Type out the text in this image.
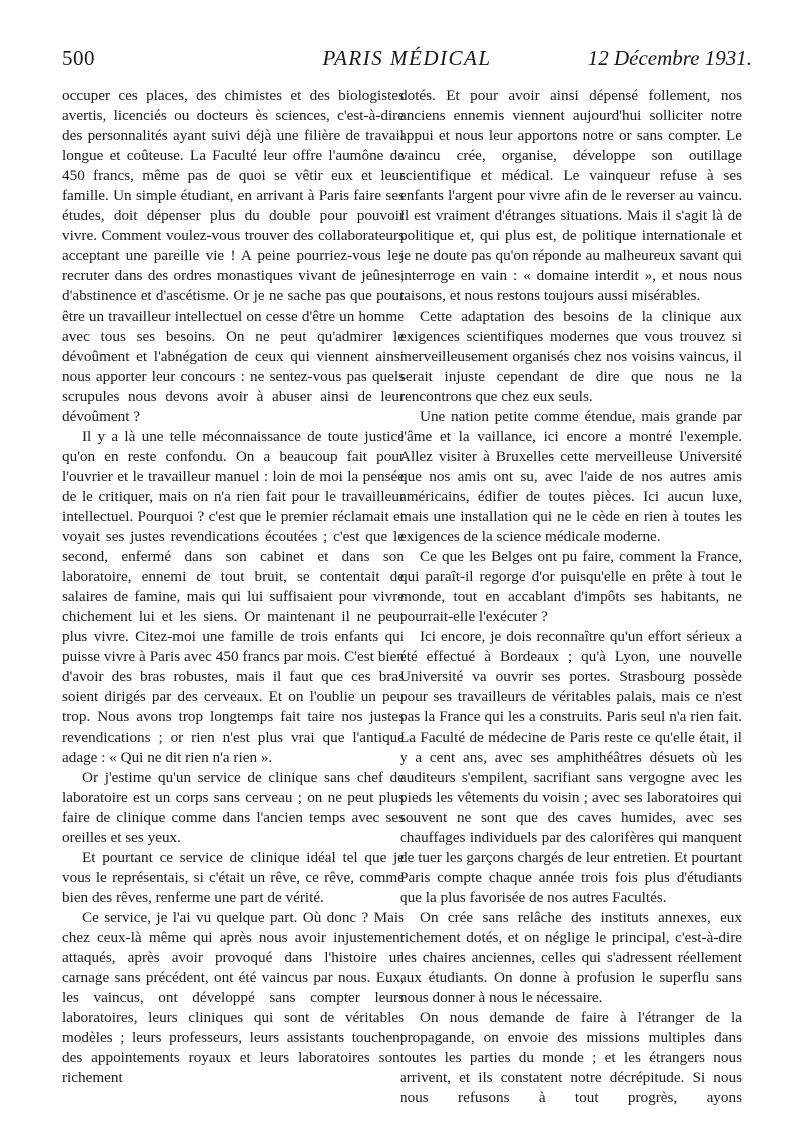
500	PARIS MÉDICAL	12 Décembre 1931.

occuper ces places, des chimistes et des biologistes avertis, licenciés ou docteurs ès sciences, c'est-à-dire des personnalités ayant suivi déjà une filière de travail longue et coûteuse. La Faculté leur offre l'aumône de 450 francs, même pas de quoi se vêtir eux et leur famille. Un simple étudiant, en arrivant à Paris faire ses études, doit dépenser plus du double pour pouvoir vivre. Comment voulez-vous trouver des collaborateurs acceptant une pareille vie ! A peine pourriez-vous les recruter dans des ordres monastiques vivant de jeûnes, d'abstinence et d'ascétisme. Or je ne sache pas que pour être un travailleur intellectuel on cesse d'être un homme avec tous ses besoins. On ne peut qu'admirer le dévoûment et l'abnégation de ceux qui viennent ainsi nous apporter leur concours : ne sentez-vous pas quels scrupules nous devons avoir à abuser ainsi de leur dévoûment ?

Il y a là une telle méconnaissance de toute justice qu'on en reste confondu. On a beaucoup fait pour l'ouvrier et le travailleur manuel : loin de moi la pensée de le critiquer, mais on n'a rien fait pour le travailleur intellectuel. Pourquoi ? c'est que le premier réclamait et voyait ses justes revendications écoutées ; c'est que le second, enfermé dans son cabinet et dans son laboratoire, ennemi de tout bruit, se contentait de salaires de famine, mais qui lui suffisaient pour vivre chichement lui et les siens. Or maintenant il ne peut plus vivre. Citez-moi une famille de trois enfants qui puisse vivre à Paris avec 450 francs par mois. C'est bien d'avoir des bras robustes, mais il faut que ces bras soient dirigés par des cerveaux. Et on l'oublie un peu trop. Nous avons trop longtemps fait taire nos justes revendications ; or rien n'est plus vrai que l'antique adage : « Qui ne dit rien n'a rien ».

Or j'estime qu'un service de clinique sans chef de laboratoire est un corps sans cerveau ; on ne peut plus faire de clinique comme dans l'ancien temps avec ses oreilles et ses yeux.

Et pourtant ce service de clinique idéal tel que je vous le représentais, si c'était un rêve, ce rêve, comme bien des rêves, renferme une part de vérité.

Ce service, je l'ai vu quelque part. Où donc ? Mais chez ceux-là même qui après nous avoir injustement attaqués, après avoir provoqué dans l'histoire un carnage sans précédent, ont été vaincus par nous. Eux, les vaincus, ont développé sans compter leurs laboratoires, leurs cliniques qui sont de véritables modèles ; leurs professeurs, leurs assistants touchent des appointements royaux et leurs laboratoires sont richement

dotés. Et pour avoir ainsi dépensé follement, nos anciens ennemis viennent aujourd'hui solliciter notre appui et nous leur apportons notre or sans compter. Le vaincu crée, organise, développe son outillage scientifique et médical. Le vainqueur refuse à ses enfants l'argent pour vivre afin de le reverser au vaincu. Il est vraiment d'étranges situations. Mais il s'agit là de politique et, qui plus est, de politique internationale et je ne doute pas qu'on réponde au malheureux savant qui interroge en vain : « domaine interdit », et nous nous taisons, et nous restons toujours aussi misérables.

Cette adaptation des besoins de la clinique aux exigences scientifiques modernes que vous trouvez si merveilleusement organisés chez nos voisins vaincus, il serait injuste cependant de dire que nous ne la rencontrons que chez eux seuls.

Une nation petite comme étendue, mais grande par l'âme et la vaillance, ici encore a montré l'exemple. Allez visiter à Bruxelles cette merveilleuse Université que nos amis ont su, avec l'aide de nos autres amis américains, édifier de toutes pièces. Ici aucun luxe, mais une installation qui ne le cède en rien à toutes les exigences de la science médicale moderne.

Ce que les Belges ont pu faire, comment la France, qui paraît-il regorge d'or puisqu'elle en prête à tout le monde, tout en accablant d'impôts ses habitants, ne pourrait-elle l'exécuter ?

Ici encore, je dois reconnaître qu'un effort sérieux a été effectué à Bordeaux ; qu'à Lyon, une nouvelle Université va ouvrir ses portes. Strasbourg possède pour ses travailleurs de véritables palais, mais ce n'est pas la France qui les a construits. Paris seul n'a rien fait. La Faculté de médecine de Paris reste ce qu'elle était, il y a cent ans, avec ses amphithéâtres désuets où les auditeurs s'empilent, sacrifiant sans vergogne avec les pieds les vêtements du voisin ; avec ses laboratoires qui souvent ne sont que des caves humides, avec ses chauffages individuels par des calorifères qui manquent de tuer les garçons chargés de leur entretien. Et pourtant Paris compte chaque année trois fois plus d'étudiants que la plus favorisée de nos autres Facultés.

On crée sans relâche des instituts annexes, eux richement dotés, et on néglige le principal, c'est-à-dire les chaires anciennes, celles qui s'adressent réellement aux étudiants. On donne à profusion le superflu sans nous donner à nous le nécessaire.

On nous demande de faire à l'étranger de la propagande, on envoie des missions multiples dans toutes les parties du monde ; et les étrangers nous arrivent, et ils constatent notre décrépitude. Si nous nous refusons à tout progrès, ayons
